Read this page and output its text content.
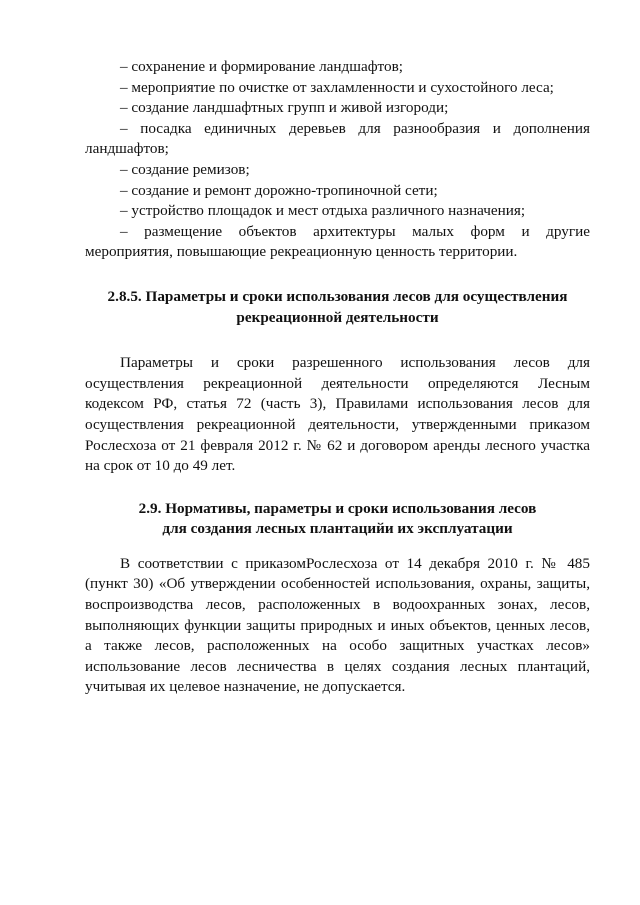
– сохранение и формирование ландшафтов;

– мероприятие по очистке от захламленности и сухостойного леса;

– создание ландшафтных групп и живой изгороди;

– посадка единичных деревьев для разнообразия и дополнения ландшафтов;

– создание ремизов;

– создание и ремонт дорожно-тропиночной сети;

– устройство площадок и мест отдыха различного назначения;

– размещение объектов архитектуры малых форм и другие мероприятия, повышающие рекреационную ценность территории.

2.8.5. Параметры и сроки использования лесов для осуществления

рекреационной деятельности

Параметры и сроки разрешенного использования лесов для осуществления рекреационной деятельности определяются Лесным кодексом РФ, статья 72 (часть 3), Правилами использования лесов для осуществления рекреационной деятельности, утвержденными приказом Рослесхоза от 21 февраля 2012 г. № 62 и договором аренды лесного участка на срок от 10 до 49 лет.

2.9. Нормативы, параметры и сроки использования лесов

для создания лесных плантацийи их эксплуатации

В соответствии с приказомРослесхоза от 14 декабря 2010 г. № 485 (пункт 30) «Об утверждении особенностей использования, охраны, защиты, воспроизводства лесов, расположенных в водоохранных зонах, лесов, выполняющих функции защиты природных и иных объектов, ценных лесов, а также лесов, расположенных на особо защитных участках лесов» использование лесов лесничества в целях создания лесных плантаций, учитывая их целевое назначение, не допускается.
